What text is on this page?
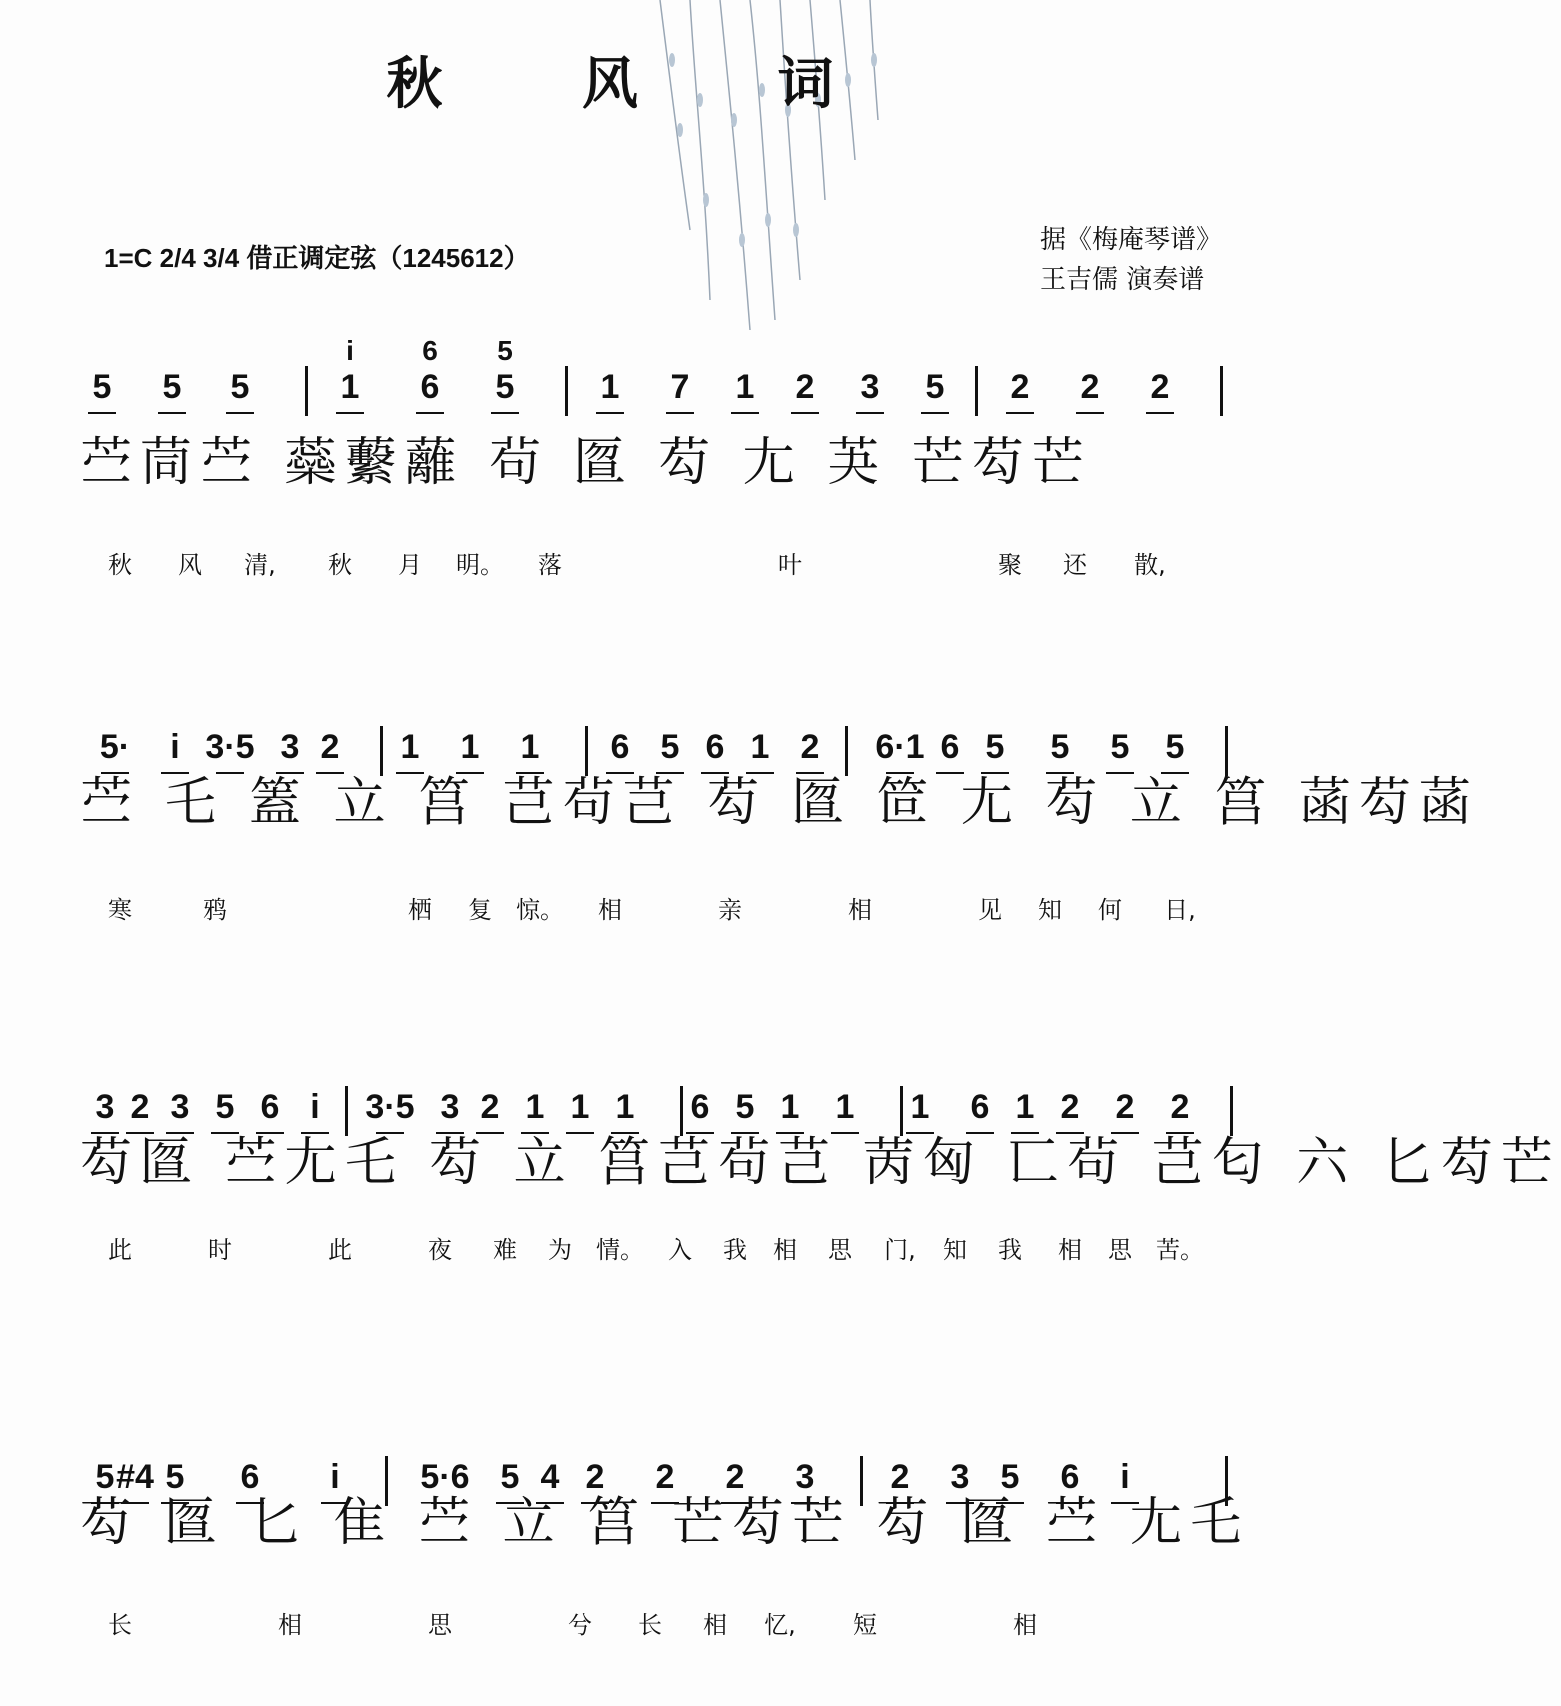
秋 风 词
1=C 2/4 3/4 借正调定弦（1245612）
据《梅庵琴谱》
王吉儒 演奏谱
i 6 5
5 5 5	1 6 5	1 7 1 2 3 5 2 2 2
苎茼苎 蘂蘻蘺 茍 匫 芶 尢 芵 芒芶芒
秋 风 清, 秋 月 明。 落	叶	聚 还 散,
5· i 3·5 3 2 1 1 1 6 5 6 1 2 6·1 6 5 5 5 5
苎 乇 篕 立 筥 芑茍芑 芶 匫 笸 尢 芶 立 筥 菡芶菡
寒	鸦	栖 复 惊。 相	亲	相	见 知 何 日,
3 2 3 5 6 i 3·5 3 2 1 1 1 6 5 1 1 1 6 1 2 2 2
芶匫 苎尢乇 芶 立 筥芑茍芑 苪匈 匸茍 芑匂 六 匕芶芒
此	时	此	夜 难 为 情。 入 我 相 思 门, 知 我 相 思 苦。
5 #4 5 6 i 5·6 5 4 2 2 2 3 2 3 5 6 i
芶 匫 匕 隹 苎 立 筥 芒芶芒 芶 匫 苎 尢乇
长	相	思	兮 长 相 忆, 短	相
